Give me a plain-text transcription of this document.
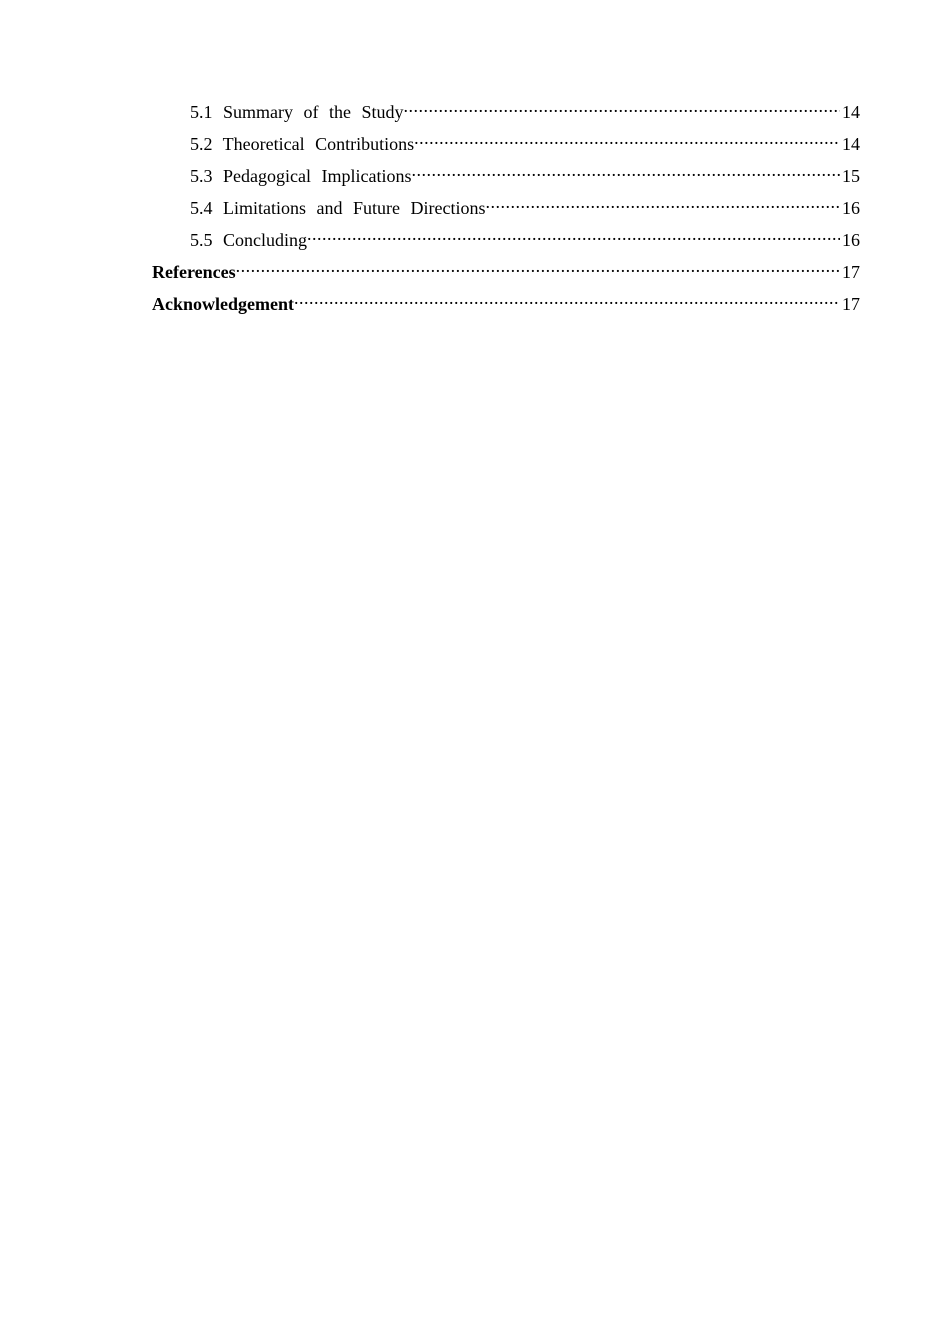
5.1 Summary of the Study .....	14
5.2 Theoretical Contributions .....	14
5.3 Pedagogical Implications .....	15
5.4 Limitations and Future Directions .....	16
5.5 Concluding .....	16
References .....	17
Acknowledgement .....	17
